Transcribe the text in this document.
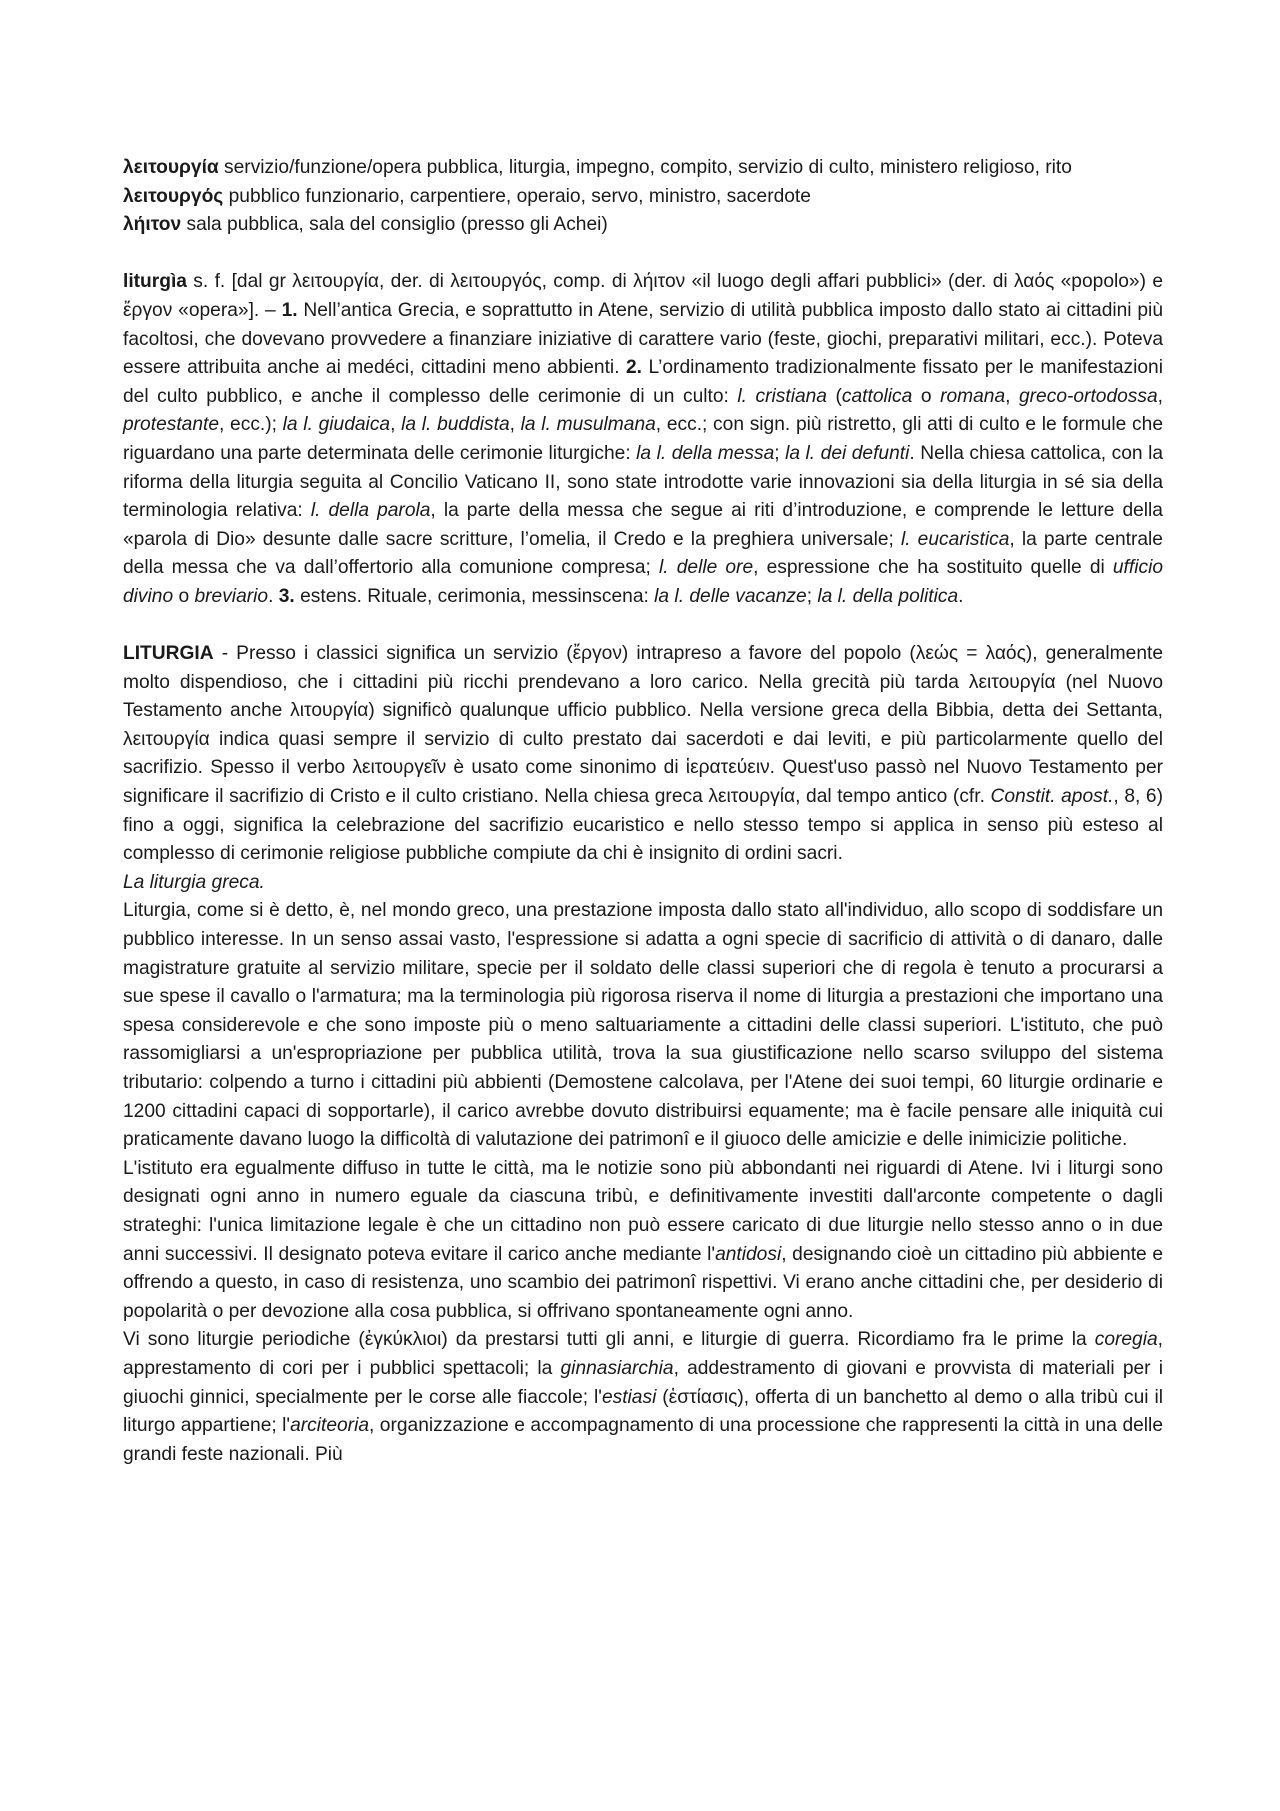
λειτουργία servizio/funzione/opera pubblica, liturgia, impegno, compito, servizio di culto, ministero religioso, rito
λειτουργός pubblico funzionario, carpentiere, operaio, servo, ministro, sacerdote
λήιτον sala pubblica, sala del consiglio (presso gli Achei)

liturgìa s. f. [dal gr λειτουργία, der. di λειτουργός, comp. di λήιτον «il luogo degli affari pubblici» (der. di λαός «popolo») e ἔργον «opera»]. – 1. Nell’antica Grecia, e soprattutto in Atene, servizio di utilità pubblica imposto dallo stato ai cittadini più facoltosi, che dovevano provvedere a finanziare iniziative di carattere vario (feste, giochi, preparativi militari, ecc.). Poteva essere attribuita anche ai medéci, cittadini meno abbienti. 2. L’ordinamento tradizionalmente fissato per le manifestazioni del culto pubblico, e anche il complesso delle cerimonie di un culto: l. cristiana (cattolica o romana, greco-ortodossa, protestante, ecc.); la l. giudaica, la l. buddista, la l. musulmana, ecc.; con sign. più ristretto, gli atti di culto e le formule che riguardano una parte determinata delle cerimonie liturgiche: la l. della messa; la l. dei defunti. Nella chiesa cattolica, con la riforma della liturgia seguita al Concilio Vaticano II, sono state introdotte varie innovazioni sia della liturgia in sé sia della terminologia relativa: l. della parola, la parte della messa che segue ai riti d’introduzione, e comprende le letture della «parola di Dio» desunte dalle sacre scritture, l’omelia, il Credo e la preghiera universale; l. eucaristica, la parte centrale della messa che va dall’offertorio alla comunione compresa; l. delle ore, espressione che ha sostituito quelle di ufficio divino o breviario. 3. estens. Rituale, cerimonia, messinscena: la l. delle vacanze; la l. della politica.

LITURGIA - Presso i classici significa un servizio (ἔργον) intrapreso a favore del popolo (λεώς = λαός), generalmente molto dispendioso, che i cittadini più ricchi prendevano a loro carico. Nella grecità più tarda λειτουργία (nel Nuovo Testamento anche λιτουργία) significò qualunque ufficio pubblico. Nella versione greca della Bibbia, detta dei Settanta, λειτουργία indica quasi sempre il servizio di culto prestato dai sacerdoti e dai leviti, e più particolarmente quello del sacrifizio. Spesso il verbo λειτουργεῖν è usato come sinonimo di ἱερατεύειν. Quest'uso passò nel Nuovo Testamento per significare il sacrifizio di Cristo e il culto cristiano. Nella chiesa greca λειτουργία, dal tempo antico (cfr. Constit. apost., 8, 6) fino a oggi, significa la celebrazione del sacrifizio eucaristico e nello stesso tempo si applica in senso più esteso al complesso di cerimonie religiose pubbliche compiute da chi è insignito di ordini sacri.

La liturgia greca.

Liturgia, come si è detto, è, nel mondo greco, una prestazione imposta dallo stato all'individuo, allo scopo di soddisfare un pubblico interesse. In un senso assai vasto, l'espressione si adatta a ogni specie di sacrificio di attività o di danaro, dalle magistrature gratuite al servizio militare, specie per il soldato delle classi superiori che di regola è tenuto a procurarsi a sue spese il cavallo o l'armatura; ma la terminologia più rigorosa riserva il nome di liturgia a prestazioni che importano una spesa considerevole e che sono imposte più o meno saltuariamente a cittadini delle classi superiori. L'istituto, che può rassomigliarsi a un'espropriazione per pubblica utilità, trova la sua giustificazione nello scarso sviluppo del sistema tributario: colpendo a turno i cittadini più abbienti (Demostene calcolava, per l'Atene dei suoi tempi, 60 liturgie ordinarie e 1200 cittadini capaci di sopportarle), il carico avrebbe dovuto distribuirsi equamente; ma è facile pensare alle iniquità cui praticamente davano luogo la difficoltà di valutazione dei patrimonî e il giuoco delle amicizie e delle inimicizie politiche.

L'istituto era egualmente diffuso in tutte le città, ma le notizie sono più abbondanti nei riguardi di Atene. Ivi i liturgi sono designati ogni anno in numero eguale da ciascuna tribù, e definitivamente investiti dall'arconte competente o dagli strateghi: l'unica limitazione legale è che un cittadino non può essere caricato di due liturgie nello stesso anno o in due anni successivi. Il designato poteva evitare il carico anche mediante l'antidosi, designando cioè un cittadino più abbiente e offrendo a questo, in caso di resistenza, uno scambio dei patrimonî rispettivi. Vi erano anche cittadini che, per desiderio di popolarità o per devozione alla cosa pubblica, si offrivano spontaneamente ogni anno.

Vi sono liturgie periodiche (ἐγκύκλιοι) da prestarsi tutti gli anni, e liturgie di guerra. Ricordiamo fra le prime la coregia, apprestamento di cori per i pubblici spettacoli; la ginnasiarchia, addestramento di giovani e provvista di materiali per i giuochi ginnici, specialmente per le corse alle fiaccole; l'estiasi (ἑστίασις), offerta di un banchetto al demo o alla tribù cui il liturgo appartiene; l'arciteoria, organizzazione e accompagnamento di una processione che rappresenti la città in una delle grandi feste nazionali. Più
